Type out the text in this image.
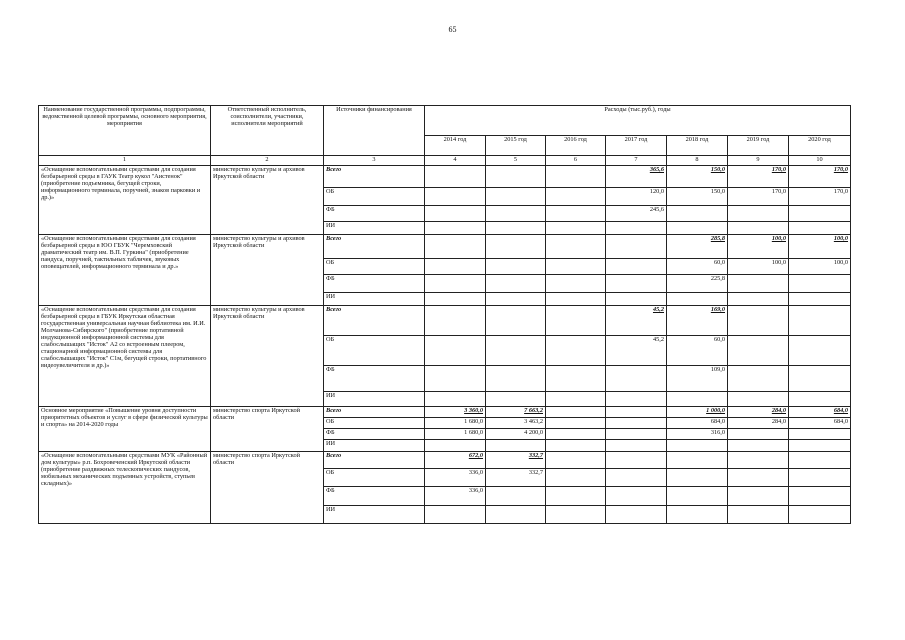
65
Наименование государственной программы, подпрограммы, ведомственной целевой программы, основного мероприятия, мероприятия	Ответственный исполнитель, соисполнители, участники, исполнители мероприятий	Источники финансирования	Расходы (тыс.руб.), годы						
			2014 год	2015 год	2016 год	2017 год	2018 год	2019 год	2020 год
1	2	3	4	5	6	7	8	9	10
«Оснащение вспомогательными средствами для создания безбарьерной среды в ГАУК Театр кукол "Аистенок"(приобретение подъемника, бегущей строки, информационного терминала, поручней, знаков парковки и др.)»	министерство культуры и архивов Иркутской области	Всего				365,6	150,0	170,0	170,0
		ОБ				120,0	150,0	170,0	170,0
		ФБ				245,6			
		ИИ							
«Оснащение вспомогательными средствами для создания безбарьерной среды в ЮО ГБУК "Черемховский драматический театр им. В.П. Гуркина" (приобретение пандуса, поручней, тактильных табличек, звуковых оповещателей, информационного терминала и др.»	министерство культуры и архивов Иркутской области	Всего					285,8	100,0	100,0
		ОБ					60,0	100,0	100,0
		ФБ					225,8		
		ИИ							
«Оснащение вспомогательными средствами для создания безбарьерной среды в ГБУК Иркутская областная государственная универсальная научная библиотека им. И.И. Молчанова-Сибирского" (приобретение портативной индукционной информационной системы для слабослышащих "Исток" А2 со встроенным плеером, стационарной информационной системы для слабослышащих "Исток" С1м, бегущей строки, портативного видеоувеличителя и др.)»	министерство культуры и архивов Иркутской области	Всего				45,2	169,0		
		ОБ				45,2	60,0		
		ФБ					109,0		
		ИИ							
Основное мероприятие «Повышение уровня доступности приоритетных объектов и услуг в сфере физической культуры и спорта» на 2014-2020 годы	министерство спорта Иркутской области	Всего	3 360,0	7 663,2			1 000,0	284,0	684,0
		ОБ	1 680,0	3 463,2			684,0	284,0	684,0
		ФБ	1 680,0	4 200,0			316,0		
		ИИ							
«Оснащение вспомогательными средствами МУК «Районный дом культуры» р.п. Бохровеченский Иркутской области (приобретение раздвижных телескопических пандусов, мобильных механических подъемных устройств, ступьев складных)»	министерство спорта Иркутской области	Всего	672,0	332,7					
		ОБ	336,0	332,7					
		ФБ	336,0						
		ИИ							
